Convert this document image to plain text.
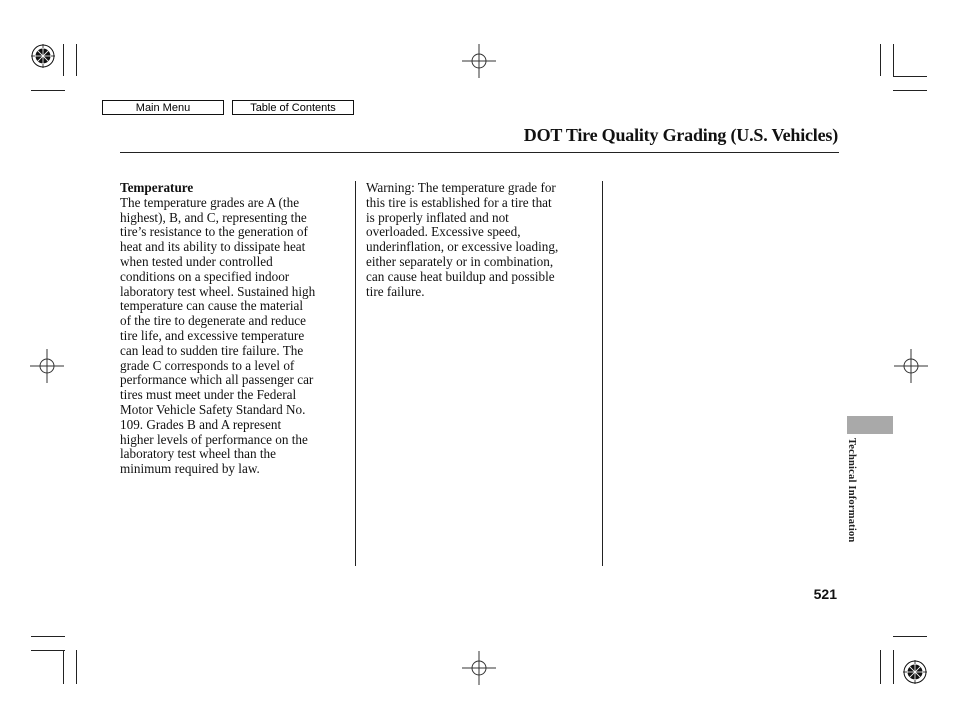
Main Menu	Table of Contents
DOT Tire Quality Grading (U.S. Vehicles)
Temperature

The temperature grades are A (the
highest), B, and C, representing the
tire’s resistance to the generation of
heat and its ability to dissipate heat
when tested under controlled
conditions on a specified indoor
laboratory test wheel. Sustained high
temperature can cause the material
of the tire to degenerate and reduce
tire life, and excessive temperature
can lead to sudden tire failure. The
grade C corresponds to a level of
performance which all passenger car
tires must meet under the Federal
Motor Vehicle Safety Standard No.
109. Grades B and A represent
higher levels of performance on the
laboratory test wheel than the
minimum required by law.

Warning: The temperature grade for
this tire is established for a tire that
is properly inflated and not
overloaded. Excessive speed,
underinflation, or excessive loading,
either separately or in combination,
can cause heat buildup and possible
tire failure.

Technical Information
521
